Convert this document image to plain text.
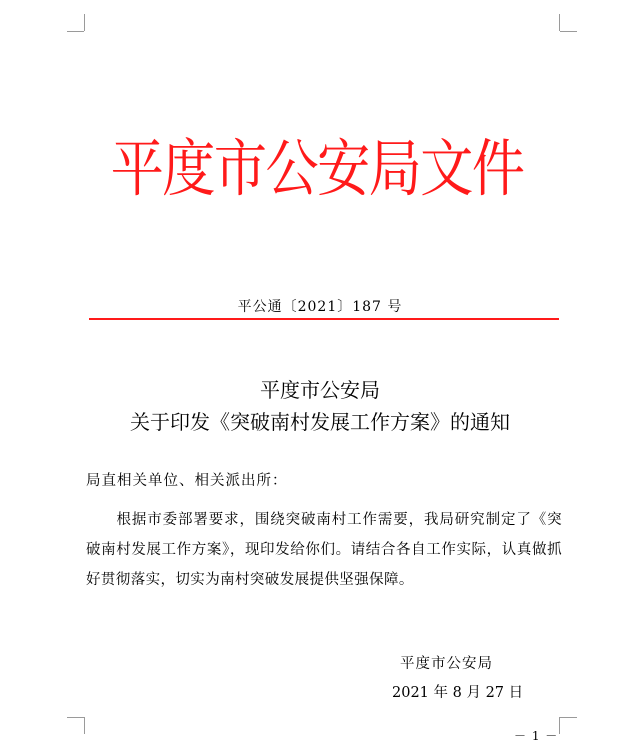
平度市公安局文件
平公通〔2021〕187 号
平度市公安局
关于印发《突破南村发展工作方案》的通知
局直相关单位、相关派出所：
根据市委部署要求，围绕突破南村工作需要，我局研究制定了《突破南村发展工作方案》，现印发给你们。请结合各自工作实际，认真做抓好贯彻落实，切实为南村突破发展提供坚强保障。
平度市公安局
2021 年 8 月 27 日
－ 1 －
